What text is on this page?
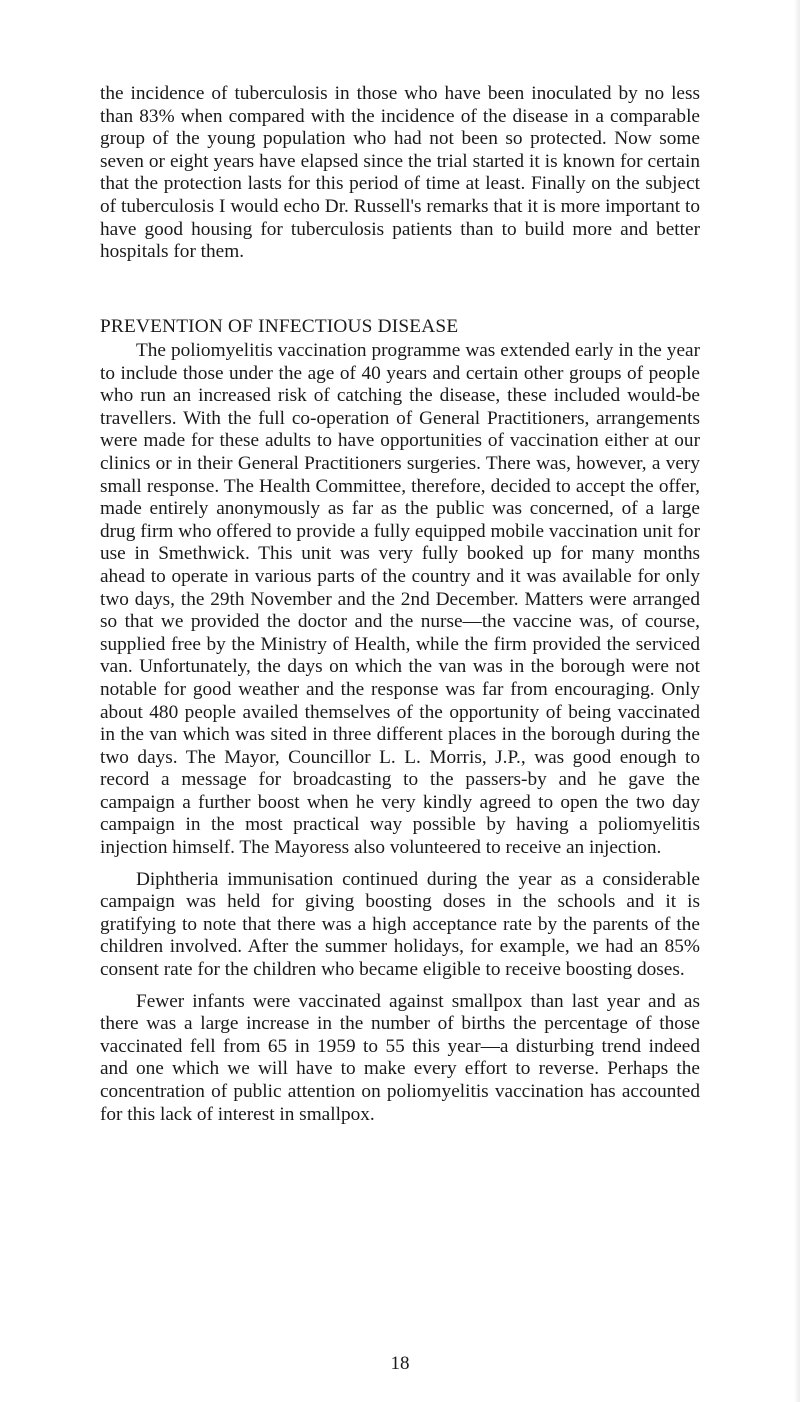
the incidence of tuberculosis in those who have been inoculated by no less than 83% when compared with the incidence of the disease in a comparable group of the young population who had not been so protected. Now some seven or eight years have elapsed since the trial started it is known for certain that the protection lasts for this period of time at least. Finally on the subject of tuberculosis I would echo Dr. Russell's remarks that it is more important to have good housing for tuberculosis patients than to build more and better hospitals for them.

PREVENTION OF INFECTIOUS DISEASE

The poliomyelitis vaccination programme was extended early in the year to include those under the age of 40 years and certain other groups of people who run an increased risk of catching the disease, these included would-be travellers. With the full co-operation of General Practitioners, arrangements were made for these adults to have opportunities of vaccination either at our clinics or in their General Practitioners surgeries. There was, however, a very small response. The Health Committee, therefore, decided to accept the offer, made entirely anonymously as far as the public was concerned, of a large drug firm who offered to provide a fully equipped mobile vaccination unit for use in Smethwick. This unit was very fully booked up for many months ahead to operate in various parts of the country and it was available for only two days, the 29th November and the 2nd December. Matters were arranged so that we provided the doctor and the nurse—the vaccine was, of course, supplied free by the Ministry of Health, while the firm provided the serviced van. Unfortunately, the days on which the van was in the borough were not notable for good weather and the response was far from encouraging. Only about 480 people availed themselves of the opportunity of being vaccinated in the van which was sited in three different places in the borough during the two days. The Mayor, Councillor L. L. Morris, J.P., was good enough to record a message for broadcasting to the passers-by and he gave the campaign a further boost when he very kindly agreed to open the two day campaign in the most practical way possible by having a poliomyelitis injection himself. The Mayoress also volunteered to receive an injection.

Diphtheria immunisation continued during the year as a considerable campaign was held for giving boosting doses in the schools and it is gratifying to note that there was a high acceptance rate by the parents of the children involved. After the summer holidays, for example, we had an 85% consent rate for the children who became eligible to receive boosting doses.

Fewer infants were vaccinated against smallpox than last year and as there was a large increase in the number of births the percentage of those vaccinated fell from 65 in 1959 to 55 this year—a disturbing trend indeed and one which we will have to make every effort to reverse. Perhaps the concentration of public attention on poliomyelitis vaccination has accounted for this lack of interest in smallpox.

18
